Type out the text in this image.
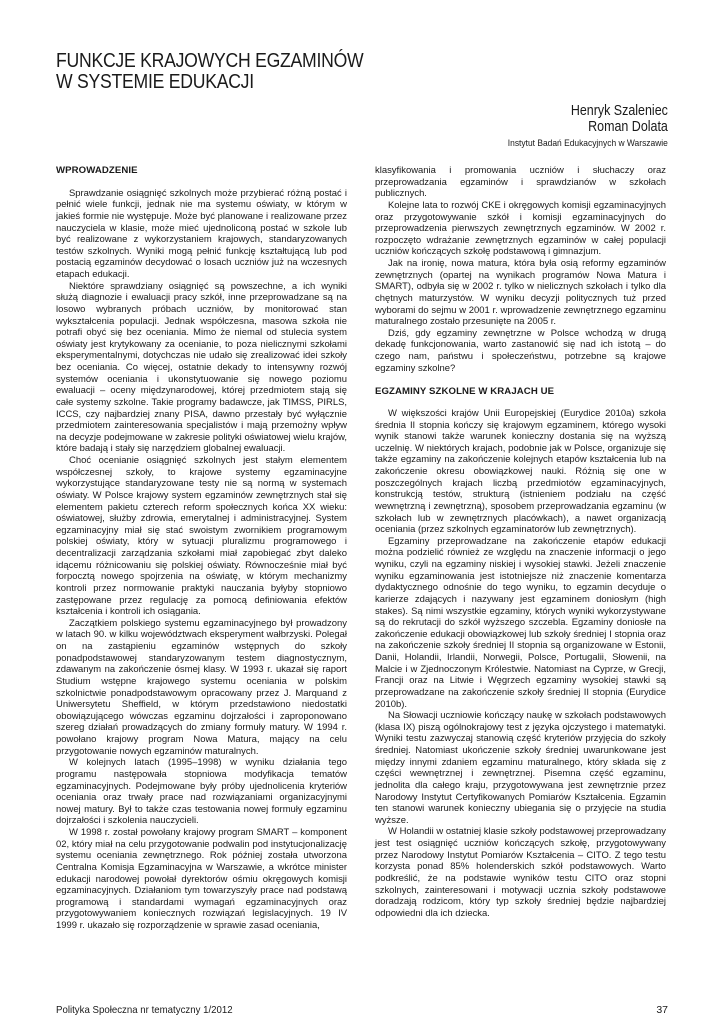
FUNKCJE KRAJOWYCH EGZAMINÓW
W SYSTEMIE EDUKACJI
Henryk Szaleniec
Roman Dolata
Instytut Badań Edukacyjnych w Warszawie
WPROWADZENIE

Sprawdzanie osiągnięć szkolnych może przybierać różną postać i pełnić wiele funkcji, jednak nie ma systemu oświaty, w którym w jakieś formie nie występuje. Może być planowane i realizowane przez nauczyciela w klasie, może mieć ujednoliconą postać w szkole lub być realizowane z wykorzystaniem krajowych, standaryzowanych testów szkolnych. Wyniki mogą pełnić funkcję kształtującą lub pod postacią egzaminów decydować o losach uczniów już na wczesnych etapach edukacji.

Niektóre sprawdziany osiągnięć są powszechne, a ich wyniki służą diagnozie i ewaluacji pracy szkół, inne przeprowadzane są na losowo wybranych próbach uczniów, by monitorować stan wykształcenia populacji. Jednak współczesna, masowa szkoła nie potrafi obyć się bez oceniania. Mimo że niemal od stulecia system oświaty jest krytykowany za ocenianie, to poza nielicznymi szkołami eksperymentalnymi, dotychczas nie udało się zrealizować idei szkoły bez oceniania. Co więcej, ostatnie dekady to intensywny rozwój systemów oceniania i ukonstytuowanie się nowego poziomu ewaluacji – oceny międzynarodowej, której przedmiotem stają się całe systemy szkolne. Takie programy badawcze, jak TIMSS, PIRLS, ICCS, czy najbardziej znany PISA, dawno przestały być wyłącznie przedmiotem zainteresowania specjalistów i mają przemożny wpływ na decyzje podejmowane w zakresie polityki oświatowej wielu krajów, które badają i stały się narzędziem globalnej ewaluacji.

Choć ocenianie osiągnięć szkolnych jest stałym elementem współczesnej szkoły, to krajowe systemy egzaminacyjne wykorzystujące standaryzowane testy nie są normą w systemach oświaty. W Polsce krajowy system egzaminów zewnętrznych stał się elementem pakietu czterech reform społecznych końca XX wieku: oświatowej, służby zdrowia, emerytalnej i administracyjnej. System egzaminacyjny miał się stać swoistym zwornikiem programowym polskiej oświaty, który w sytuacji pluralizmu programowego i decentralizacji zarządzania szkołami miał zapobiegać zbyt daleko idącemu różnicowaniu się polskiej oświaty. Równocześnie miał być forpocztą nowego spojrzenia na oświatę, w którym mechanizmy kontroli przez normowanie praktyki nauczania byłyby stopniowo zastępowane przez regulację za pomocą definiowania efektów kształcenia i kontroli ich osiągania.

Zaczątkiem polskiego systemu egzaminacyjnego był prowadzony w latach 90. w kilku województwach eksperyment wałbrzyski. Polegał on na zastąpieniu egzaminów wstępnych do szkoły ponadpodstawowej standaryzowanym testem diagnostycznym, zdawanym na zakończenie ósmej klasy. W 1993 r. ukazał się raport Studium wstępne krajowego systemu oceniania w polskim szkolnictwie ponadpodstawowym opracowany przez J. Marquand z Uniwersytetu Sheffield, w którym przedstawiono niedostatki obowiązującego wówczas egzaminu dojrzałości i zaproponowano szereg działań prowadzących do zmiany formuły matury. W 1994 r. powołano krajowy program Nowa Matura, mający na celu przygotowanie nowych egzaminów maturalnych.

W kolejnych latach (1995–1998) w wyniku działania tego programu następowała stopniowa modyfikacja tematów egzaminacyjnych. Podejmowane były próby ujednolicenia kryteriów oceniania oraz trwały prace nad rozwiązaniami organizacyjnymi nowej matury. Był to także czas testowania nowej formuły egzaminu dojrzałości i szkolenia nauczycieli.

W 1998 r. został powołany krajowy program SMART – komponent 02, który miał na celu przygotowanie podwalin pod instytucjonalizację systemu oceniania zewnętrznego. Rok później została utworzona Centralna Komisja Egzaminacyjna w Warszawie, a wkrótce minister edukacji narodowej powołał dyrektorów ośmiu okręgowych komisji egzaminacyjnych. Działaniom tym towarzyszyły prace nad podstawą programową i standardami wymagań egzaminacyjnych oraz przygotowywaniem koniecznych rozwiązań legislacyjnych. 19 IV 1999 r. ukazało się rozporządzenie w sprawie zasad oceniania,

klasyfikowania i promowania uczniów i słuchaczy oraz przeprowadzania egzaminów i sprawdzianów w szkołach publicznych.

Kolejne lata to rozwój CKE i okręgowych komisji egzaminacyjnych oraz przygotowywanie szkół i komisji egzaminacyjnych do przeprowadzenia pierwszych zewnętrznych egzaminów. W 2002 r. rozpoczęto wdrażanie zewnętrznych egzaminów w całej populacji uczniów kończących szkołę podstawową i gimnazjum.

Jak na ironię, nowa matura, która była osią reformy egzaminów zewnętrznych (opartej na wynikach programów Nowa Matura i SMART), odbyła się w 2002 r. tylko w nielicznych szkołach i tylko dla chętnych maturzystów. W wyniku decyzji politycznych tuż przed wyborami do sejmu w 2001 r. wprowadzenie zewnętrznego egzaminu maturalnego zostało przesunięte na 2005 r.

Dziś, gdy egzaminy zewnętrzne w Polsce wchodzą w drugą dekadę funkcjonowania, warto zastanowić się nad ich istotą – do czego nam, państwu i społeczeństwu, potrzebne są krajowe egzaminy szkolne?

EGZAMINY SZKOLNE W KRAJACH UE

W większości krajów Unii Europejskiej (Eurydice 2010a) szkoła średnia II stopnia kończy się krajowym egzaminem, którego wysoki wynik stanowi także warunek konieczny dostania się na wyższą uczelnię. W niektórych krajach, podobnie jak w Polsce, organizuje się także egzaminy na zakończenie kolejnych etapów kształcenia lub na zakończenie okresu obowiązkowej nauki. Różnią się one w poszczególnych krajach liczbą przedmiotów egzaminacyjnych, konstrukcją testów, strukturą (istnieniem podziału na część wewnętrzną i zewnętrzną), sposobem przeprowadzania egzaminu (w szkołach lub w zewnętrznych placówkach), a nawet organizacją oceniania (przez szkolnych egzaminatorów lub zewnętrznych).

Egzaminy przeprowadzane na zakończenie etapów edukacji można podzielić również ze względu na znaczenie informacji o jego wyniku, czyli na egzaminy niskiej i wysokiej stawki. Jeżeli znaczenie wyniku egzaminowania jest istotniejsze niż znaczenie komentarza dydaktycznego odnośnie do tego wyniku, to egzamin decyduje o karierze zdających i nazywany jest egzaminem doniosłym (high stakes). Są nimi wszystkie egzaminy, których wyniki wykorzystywane są do rekrutacji do szkół wyższego szczebla. Egzaminy doniosłe na zakończenie edukacji obowiązkowej lub szkoły średniej I stopnia oraz na zakończenie szkoły średniej II stopnia są organizowane w Estonii, Danii, Holandii, Irlandii, Norwegii, Polsce, Portugalii, Słowenii, na Malcie i w Zjednoczonym Królestwie. Natomiast na Cyprze, w Grecji, Francji oraz na Litwie i Węgrzech egzaminy wysokiej stawki są przeprowadzane na zakończenie szkoły średniej II stopnia (Eurydice 2010b).

Na Słowacji uczniowie kończący naukę w szkołach podstawowych (klasa IX) piszą ogólnokrajowy test z języka ojczystego i matematyki. Wyniki testu zazwyczaj stanowią część kryteriów przyjęcia do szkoły średniej. Natomiast ukończenie szkoły średniej uwarunkowane jest między innymi zdaniem egzaminu maturalnego, który składa się z części wewnętrznej i zewnętrznej. Pisemna część egzaminu, jednolita dla całego kraju, przygotowywana jest zewnętrznie przez Narodowy Instytut Certyfikowanych Pomiarów Kształcenia. Egzamin ten stanowi warunek konieczny ubiegania się o przyjęcie na studia wyższe.

W Holandii w ostatniej klasie szkoły podstawowej przeprowadzany jest test osiągnięć uczniów kończących szkołę, przygotowywany przez Narodowy Instytut Pomiarów Kształcenia – CITO. Z tego testu korzysta ponad 85% holenderskich szkół podstawowych. Warto podkreślić, że na podstawie wyników testu CITO oraz stopni szkolnych, zainteresowani i motywacji ucznia szkoły podstawowe doradzają rodzicom, który typ szkoły średniej będzie najbardziej odpowiedni dla ich dziecka.

Polityka Społeczna nr tematyczny 1/2012	37
